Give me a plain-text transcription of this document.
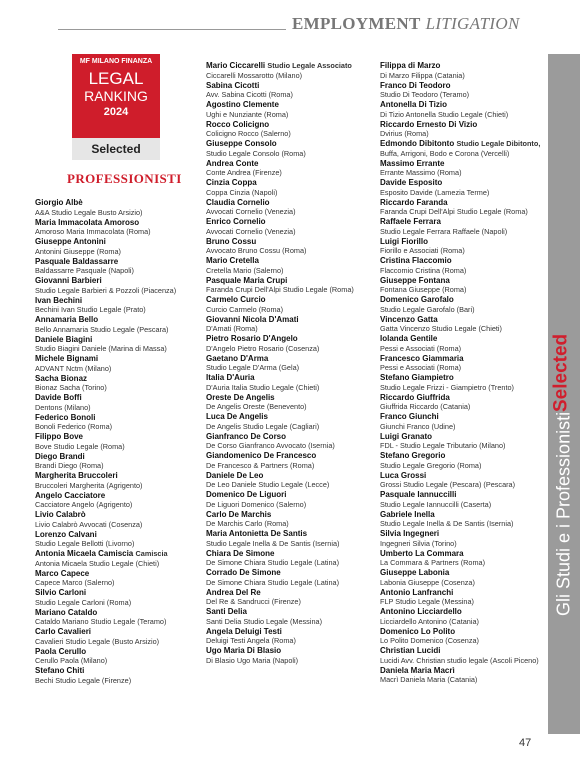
EMPLOYMENT LITIGATION
Gli Studi e i Professionisti
Selected
MF MILANO FINANZA
LEGAL
RANKING
2024
Selected
PROFESSIONISTI
Giorgio Albè
A&A Studio Legale Busto Arsizio)
Maria Immacolata Amoroso
Amoroso Maria Immacolata (Roma)
Giuseppe Antonini
Antonini Giuseppe (Roma)
Pasquale Baldassarre
Baldassarre Pasquale (Napoli)
Giovanni Barbieri
Studio Legale Barbieri & Pozzoli (Piacenza)
Ivan Bechini
Bechini Ivan Studio Legale (Prato)
Annamaria Bello
Bello Annamaria Studio Legale (Pescara)
Daniele Biagini
Studio Biagini Daniele (Marina di Massa)
Michele Bignami
ADVANT Nctm (Milano)
Sacha Bionaz
Bionaz Sacha (Torino)
Davide Boffi
Dentons (Milano)
Federico Bonoli
Bonoli Federico (Roma)
Filippo Bove
Bove Studio Legale (Roma)
Diego Brandi
Brandi Diego (Roma)
Margherita Bruccoleri
Bruccoleri Margherita (Agrigento)
Angelo Cacciatore
Cacciatore Angelo (Agrigento)
Livio Calabrò
Livio Calabrò Avvocati (Cosenza)
Lorenzo Calvani
Studio Legale Bellotti (Livorno)
Antonia Micaela Camiscia Camiscia
Antonia Micaela Studio Legale (Chieti)
Marco Capece
Capece Marco (Salerno)
Silvio Carloni
Studio Legale Carloni (Roma)
Mariano Cataldo
Cataldo Mariano Studio Legale (Teramo)
Carlo Cavalieri
Cavalieri Studio Legale (Busto Arsizio)
Paola Cerullo
Cerullo Paola (Milano)
Stefano Chiti
Bechi Studio Legale (Firenze)
Mario Ciccarelli Studio Legale Associato
Ciccarelli Mossarotto (Milano)
Sabina Cicotti
Avv. Sabina Cicotti (Roma)
Agostino Clemente
Ughi e Nunziante (Roma)
Rocco Colicigno
Colicigno Rocco (Salerno)
Giuseppe Consolo
Studio Legale Consolo (Roma)
Andrea Conte
Conte Andrea (Firenze)
Cinzia Coppa
Coppa Cinzia (Napoli)
Claudia Cornelio
Avvocati Cornelio (Venezia)
Enrico Cornelio
Avvocati Cornelio (Venezia)
Bruno Cossu
Avvocato Bruno Cossu (Roma)
Mario Cretella
Cretella Mario (Salerno)
Pasquale Maria Crupi
Faranda Crupi Dell'Alpi Studio Legale (Roma)
Carmelo Curcio
Curcio Carmelo (Roma)
Giovanni Nicola D'Amati
D'Amati (Roma)
Pietro Rosario D'Angelo
D'Angelo Pietro Rosario (Cosenza)
Gaetano D'Arma
Studio Legale D'Arma (Gela)
Italia D'Auria
D'Auria Italia Studio Legale (Chieti)
Oreste De Angelis
De Angelis Oreste (Benevento)
Luca De Angelis
De Angelis Studio Legale (Cagliari)
Gianfranco De Corso
De Corso Gianfranco Avvocato (Isernia)
Giandomenico De Francesco
De Francesco & Partners (Roma)
Daniele De Leo
De Leo Daniele Studio Legale (Lecce)
Domenico De Liguori
De Liguori Domenico (Salerno)
Carlo De Marchis
De Marchis Carlo (Roma)
Maria Antonietta De Santis
Studio Legale Inella & De Santis (Isernia)
Chiara De Simone
De Simone Chiara Studio Legale (Latina)
Corrado De Simone
De Simone Chiara Studio Legale (Latina)
Andrea Del Re
Del Re & Sandrucci (Firenze)
Santi Delia
Santi Delia Studio Legale (Messina)
Angela Deluigi Testi
Deluigi Testi Angela (Roma)
Ugo Maria Di Blasio
Di Blasio Ugo Maria (Napoli)
Filippa di Marzo
Di Marzo Filippa (Catania)
Franco Di Teodoro
Studio Di Teodoro (Teramo)
Antonella Di Tizio
Di Tizio Antonella Studio Legale (Chieti)
Riccardo Ernesto Di Vizio
Dvirius (Roma)
Edmondo Dibitonto Studio Legale Dibitonto,
Buffa, Arrigoni, Bodo e Corona (Vercelli)
Massimo Errante
Errante Massimo (Roma)
Davide Esposito
Esposito Davide (Lamezia Terme)
Riccardo Faranda
Faranda Crupi Dell'Alpi Studio Legale (Roma)
Raffaele Ferrara
Studio Legale Ferrara Raffaele (Napoli)
Luigi Fiorillo
Fiorillo e Associati (Roma)
Cristina Flaccomio
Flaccomio Cristina (Roma)
Giuseppe Fontana
Fontana Giuseppe (Roma)
Domenico Garofalo
Studio Legale Garofalo (Bari)
Vincenzo Gatta
Gatta Vincenzo Studio Legale (Chieti)
Iolanda Gentile
Pessi e Associati (Roma)
Francesco Giammaria
Pessi e Associati (Roma)
Stefano Giampietro
Studio Legale Frizzi - Giampietro (Trento)
Riccardo Giuffrida
Giuffrida Riccardo (Catania)
Franco Giunchi
Giunchi Franco (Udine)
Luigi Granato
FDL - Studio Legale Tributario (Milano)
Stefano Gregorio
Studio Legale Gregorio (Roma)
Luca Grossi
Grossi Studio Legale (Pescara) (Pescara)
Pasquale Iannuccilli
Studio Legale Iannuccilli (Caserta)
Gabriele Inella
Studio Legale Inella & De Santis (Isernia)
Silvia Ingegneri
Ingegneri Silvia (Torino)
Umberto La Commara
La Commara & Partners (Roma)
Giuseppe Labonia
Labonia Giuseppe (Cosenza)
Antonio Lanfranchi
FLP Studio Legale (Messina)
Antonino Licciardello
Licciardello Antonino (Catania)
Domenico Lo Polito
Lo Polito Domenico (Cosenza)
Christian Lucidi
Lucidi Avv. Christian studio legale (Ascoli Piceno)
Daniela Maria Macrì
Macrì Daniela Maria (Catania)
47
